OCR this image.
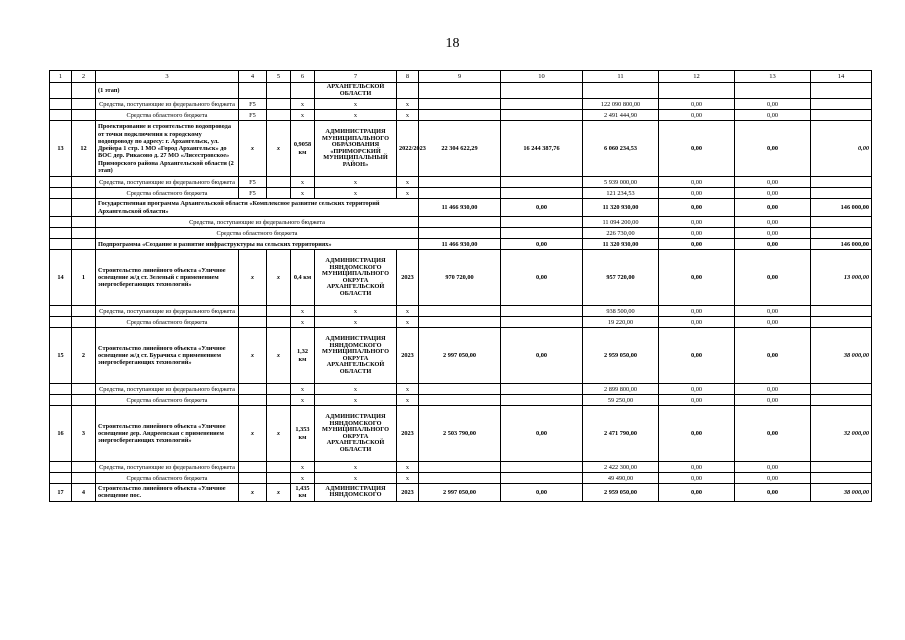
18
1	2	3	4	5	6	7	8	9	10	11	12	13	14
		(1 этап)				АРХАНГЕЛЬСКОЙ ОБЛАСТИ							
		Средства, поступающие из федерального бюджета	F5		х	х	х			122 090 800,00	0,00	0,00	
		Средства областного бюджета	F5		х	х	х			2 491 444,90	0,00	0,00	
13	12	Проектирование и строительство водопровода от точки подключения к городскому водопроводу по адресу: г. Архангельск, ул. Дрейера 1 стр. 1 МО «Город Архангельск» до ВОС дер. Рикасово д. 27 МО «Лисестровское» Приморского района Архангельской области (2 этап)	х	х	0,9058 км	АДМИНИСТРАЦИЯ МУНИЦИПАЛЬНОГО ОБРАЗОВАНИЯ «ПРИМОРСКИЙ МУНИЦИПАЛЬНЫЙ РАЙОН»	2022/2023	22 304 622,29	16 244 387,76	6 060 234,53	0,00	0,00	0,00
		Средства, поступающие из федерального бюджета	F5		х	х	х			5 939 000,00	0,00	0,00	
		Средства областного бюджета	F5		х	х	х			121 234,53	0,00	0,00	
		Государственная программа Архангельской области «Комплексное развитие сельских территорий Архангельской области»						11 466 930,00	0,00	11 320 930,00	0,00	0,00	146 000,00
		Средства, поступающие из федерального бюджета								11 094 200,00	0,00	0,00	
		Средства областного бюджета								226 730,00	0,00	0,00	
		Подпрограмма «Создание и развитие инфраструктуры на сельских территориях»						11 466 930,00	0,00	11 320 930,00	0,00	0,00	146 000,00
14	1	Строительство линейного объекта «Уличное освещение ж/д ст. Зеленый с применением энергосберегающих технологий»	х	х	0,4 км	АДМИНИСТРАЦИЯ НЯНДОМСКОГО МУНИЦИПАЛЬНОГО ОКРУГА АРХАНГЕЛЬСКОЙ ОБЛАСТИ	2023	970 720,00	0,00	957 720,00	0,00	0,00	13 000,00
		Средства, поступающие из федерального бюджета			х	х	х			938 500,00	0,00	0,00	
		Средства областного бюджета			х	х	х			19 220,00	0,00	0,00	
15	2	Строительство линейного объекта «Уличное освещение ж/д ст. Бурачиха с применением энергосберегающих технологий»	х	х	1,32 км	АДМИНИСТРАЦИЯ НЯНДОМСКОГО МУНИЦИПАЛЬНОГО ОКРУГА АРХАНГЕЛЬСКОЙ ОБЛАСТИ	2023	2 997 050,00	0,00	2 959 050,00	0,00	0,00	38 000,00
		Средства, поступающие из федерального бюджета			х	х	х			2 899 800,00	0,00	0,00	
		Средства областного бюджета			х	х	х			59 250,00	0,00	0,00	
16	3	Строительство линейного объекта «Уличное освещение дер. Андреевская с применением энергосберегающих технологий»	х	х	1,353 км	АДМИНИСТРАЦИЯ НЯНДОМСКОГО МУНИЦИПАЛЬНОГО ОКРУГА АРХАНГЕЛЬСКОЙ ОБЛАСТИ	2023	2 503 790,00	0,00	2 471 790,00	0,00	0,00	32 000,00
		Средства, поступающие из федерального бюджета			х	х	х			2 422 300,00	0,00	0,00	
		Средства областного бюджета			х	х	х			49 490,00	0,00	0,00	
17	4	Строительство линейного объекта «Уличное освещение пос.	х	х	1,435 км	АДМИНИСТРАЦИЯ НЯНДОМСКОГО	2023	2 997 050,00	0,00	2 959 050,00	0,00	0,00	38 000,00
